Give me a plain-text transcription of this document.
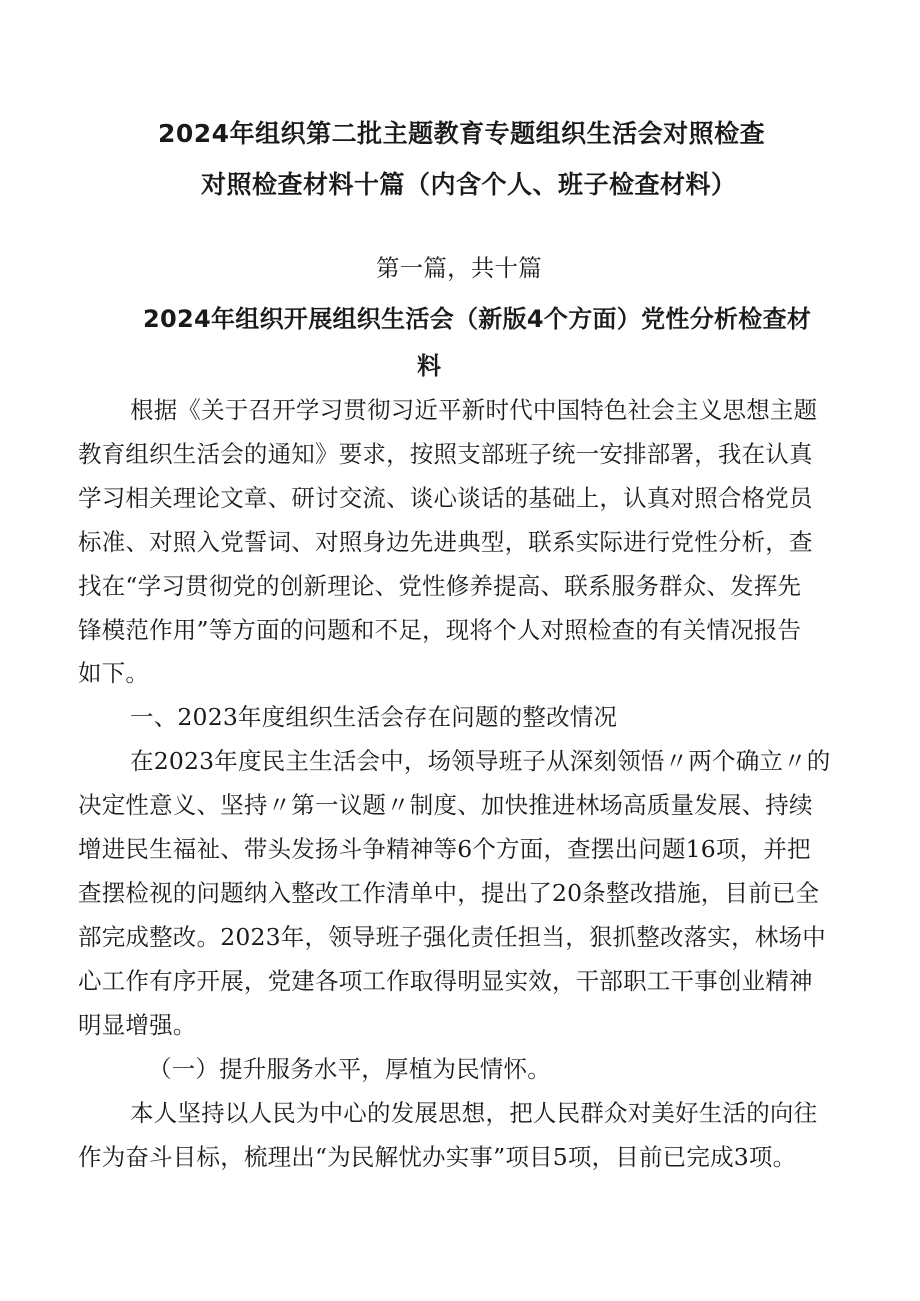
2024年组织第二批主题教育专题组织生活会对照检查
对照检查材料十篇（内含个人、班子检查材料）
第一篇，共十篇
2024年组织开展组织生活会（新版4个方面）党性分析检查材
料
根据《关于召开学习贯彻习近平新时代中国特色社会主义思想主题
教育组织生活会的通知》要求，按照支部班子统一安排部署，我在认真
学习相关理论文章、研讨交流、谈心谈话的基础上，认真对照合格党员
标准、对照入党誓词、对照身边先进典型，联系实际进行党性分析，查
找在“学习贯彻党的创新理论、党性修养提高、联系服务群众、发挥先
锋模范作用”等方面的问题和不足，现将个人对照检查的有关情况报告
如下。
一、2023年度组织生活会存在问题的整改情况
在2023年度民主生活会中，场领导班子从深刻领悟〃两个确立〃的
决定性意义、坚持〃第一议题〃制度、加快推进林场高质量发展、持续
增进民生福祉、带头发扬斗争精神等6个方面，查摆出问题16项，并把
查摆检视的问题纳入整改工作清单中，提出了20条整改措施，目前已全
部完成整改。2023年，领导班子强化责任担当，狠抓整改落实，林场中
心工作有序开展，党建各项工作取得明显实效，干部职工干事创业精神
明显增强。
（一）提升服务水平，厚植为民情怀。
本人坚持以人民为中心的发展思想，把人民群众对美好生活的向往
作为奋斗目标，梳理出“为民解忧办实事”项目5项，目前已完成3项。
